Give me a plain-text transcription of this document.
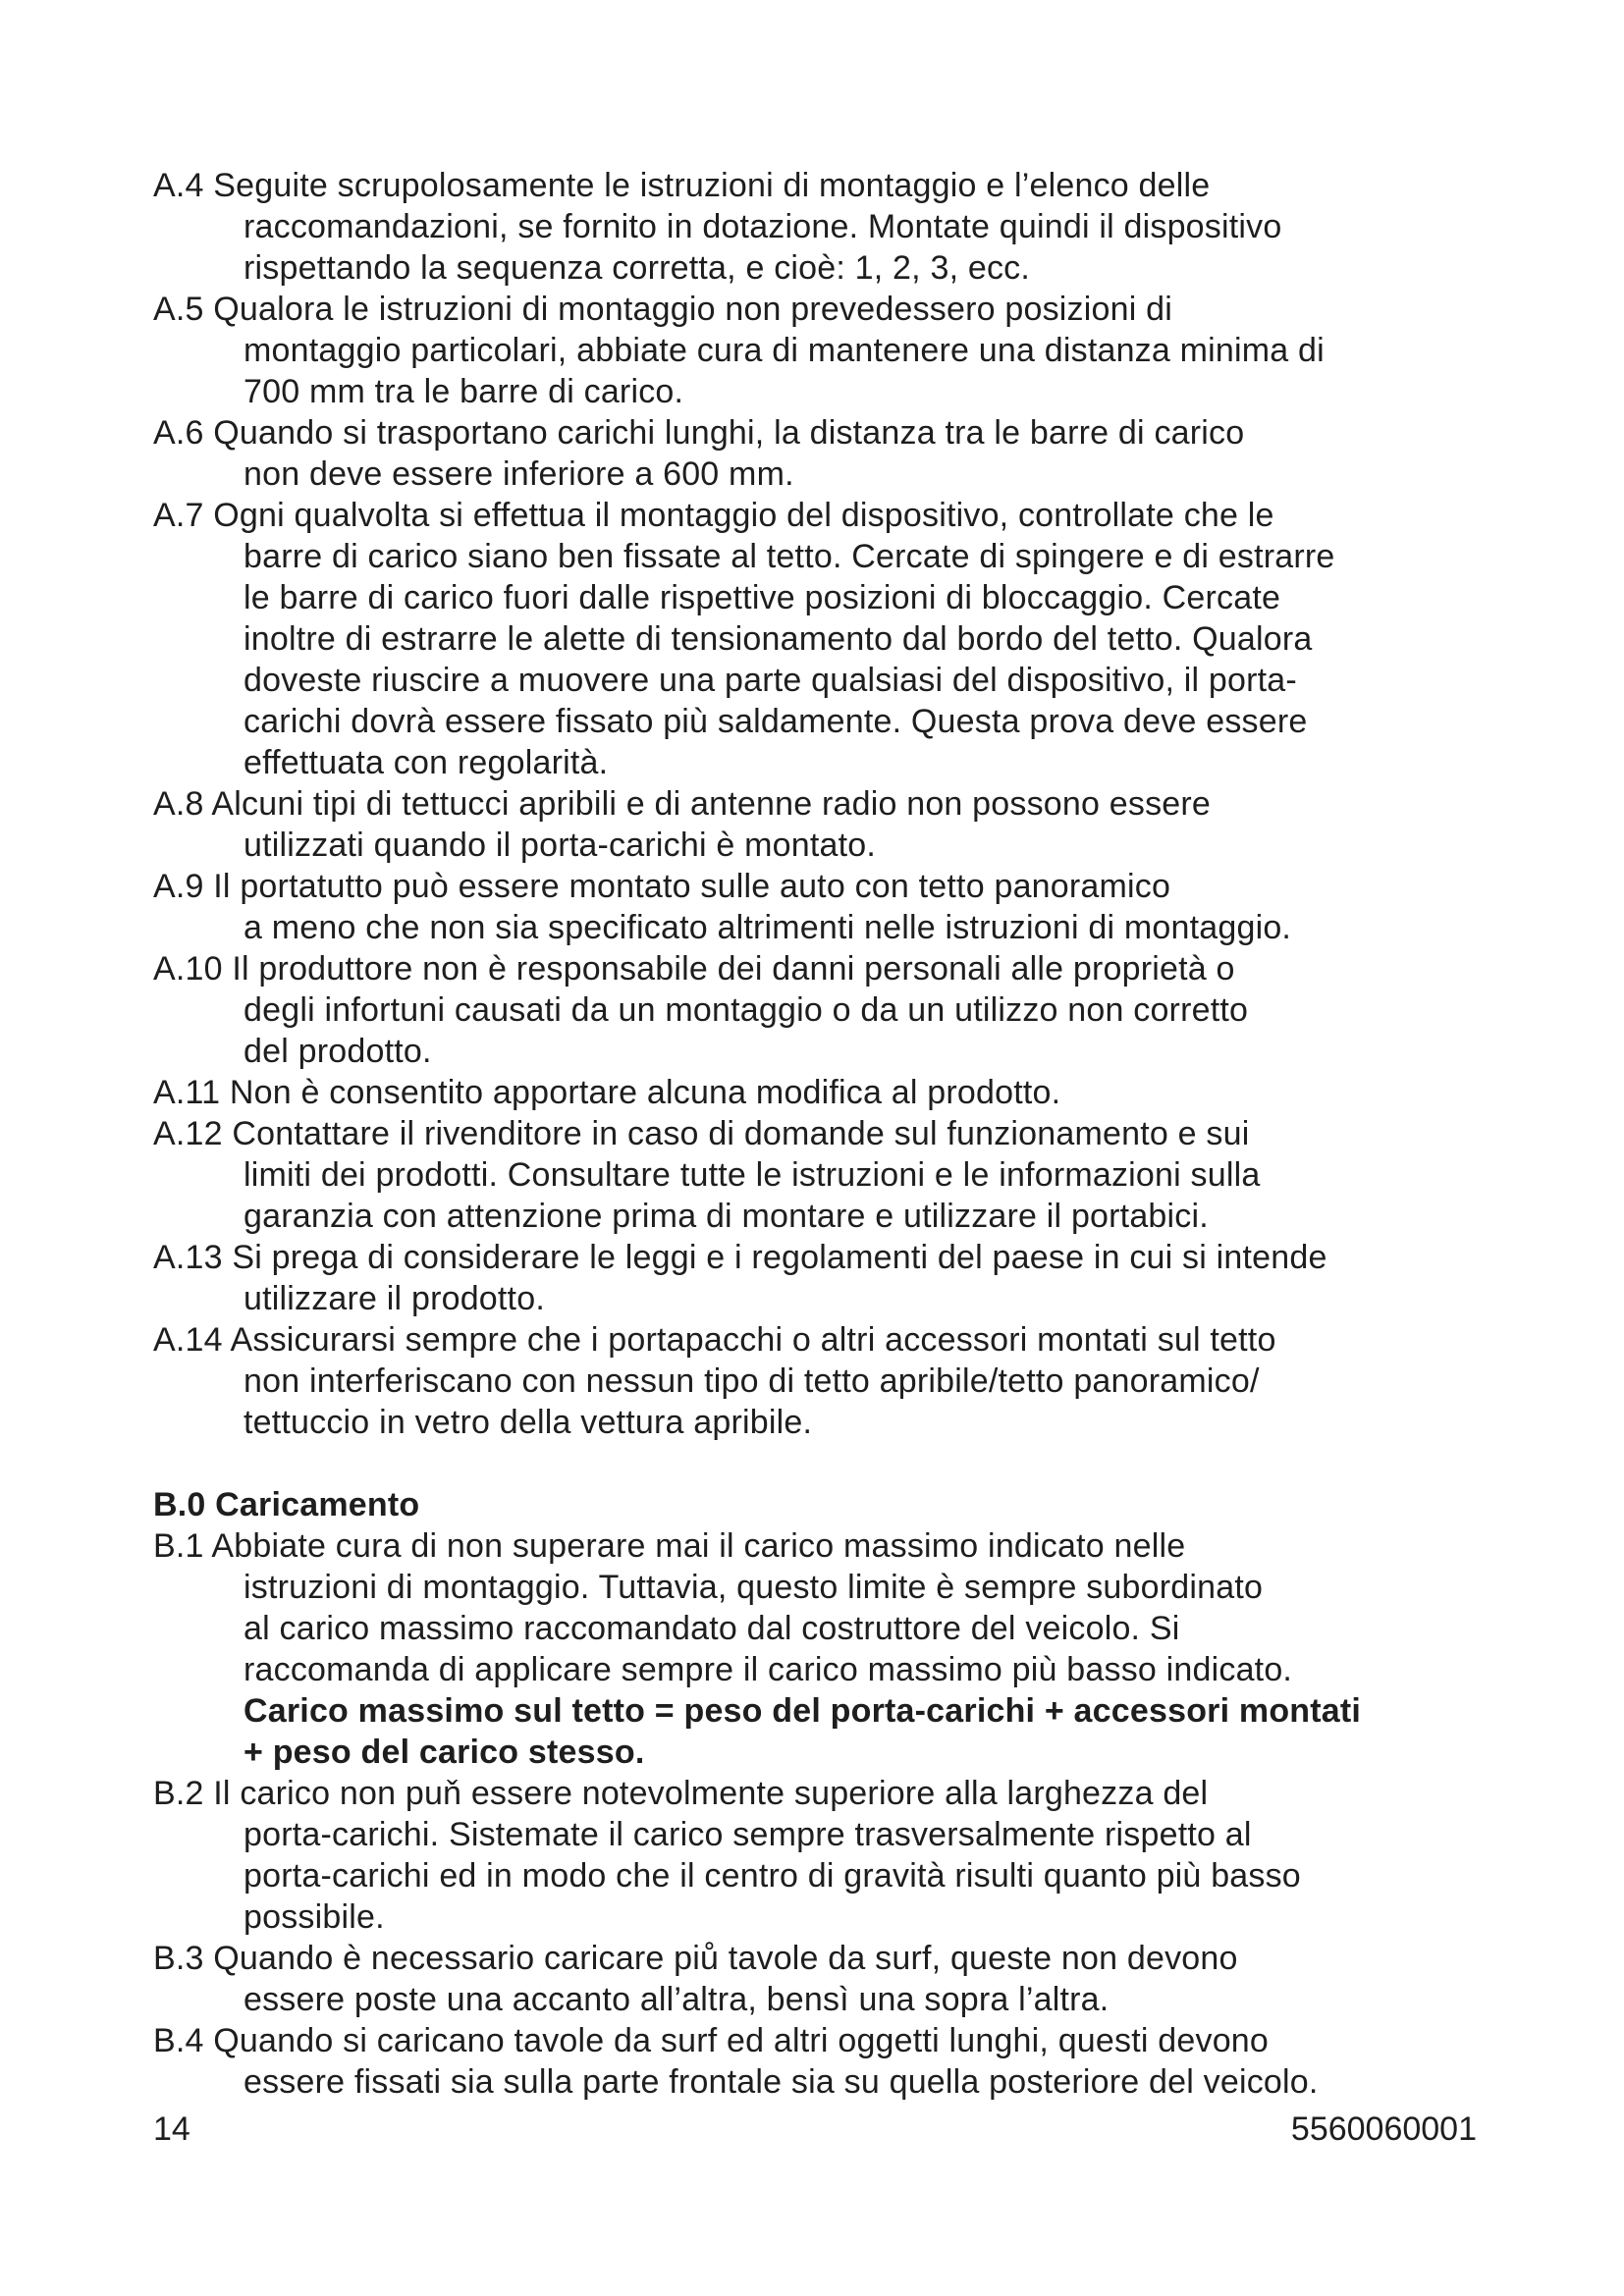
A.4 Seguite scrupolosamente le istruzioni di montaggio e l’elenco delle
raccomandazioni, se fornito in dotazione. Montate quindi il dispositivo
rispettando la sequenza corretta, e cioè: 1, 2, 3, ecc.
A.5 Qualora le istruzioni di montaggio non prevedessero posizioni di
montaggio particolari, abbiate cura di mantenere una distanza minima di
700 mm tra le barre di carico.
A.6 Quando si trasportano carichi lunghi, la distanza tra le barre di carico
non deve essere inferiore a 600 mm.
A.7 Ogni qualvolta si effettua il montaggio del dispositivo, controllate che le
barre di carico siano ben fissate al tetto. Cercate di spingere e di estrarre
le barre di carico fuori dalle rispettive posizioni di bloccaggio. Cercate
inoltre di estrarre le alette di tensionamento dal bordo del tetto. Qualora
doveste riuscire a muovere una parte qualsiasi del dispositivo, il porta-
carichi dovrà essere fissato più saldamente. Questa prova deve essere
effettuata con regolarità.
A.8 Alcuni tipi di tettucci apribili e di antenne radio non possono essere
utilizzati quando il porta-carichi è montato.
A.9 Il portatutto può essere montato sulle auto con tetto panoramico
a meno che non sia specificato altrimenti nelle istruzioni di montaggio.
A.10 Il produttore non è responsabile dei danni personali alle proprietà o
degli infortuni causati da un montaggio o da un utilizzo non corretto
del prodotto.
A.11 Non è consentito apportare alcuna modifica al prodotto.
A.12 Contattare il rivenditore in caso di domande sul funzionamento e sui
limiti dei prodotti. Consultare tutte le istruzioni e le informazioni sulla
garanzia con attenzione prima di montare e utilizzare il portabici.
A.13 Si prega di considerare le leggi e i regolamenti del paese in cui si intende
utilizzare il prodotto.
A.14 Assicurarsi sempre che i portapacchi o altri accessori montati sul tetto
non interferiscano con nessun tipo di tetto apribile/tetto panoramico/
tettuccio in vetro della vettura apribile.
B.0 Caricamento
B.1 Abbiate cura di non superare mai il carico massimo indicato nelle
istruzioni di montaggio. Tuttavia, questo limite è sempre subordinato
al carico massimo raccomandato dal costruttore del veicolo. Si
raccomanda di applicare sempre il carico massimo più basso indicato.
Carico massimo sul tetto = peso del porta-carichi + accessori montati
+ peso del carico stesso.
B.2 Il carico non puň essere notevolmente superiore alla larghezza del
porta-carichi. Sistemate il carico sempre trasversalmente rispetto al
porta-carichi ed in modo che il centro di gravità risulti quanto più basso
possibile.
B.3 Quando è necessario caricare piů tavole da surf, queste non devono
essere poste una accanto all’altra, bensì una sopra l’altra.
B.4 Quando si caricano tavole da surf ed altri oggetti lunghi, questi devono
essere fissati sia sulla parte frontale sia su quella posteriore del veicolo.
14	5560060001
